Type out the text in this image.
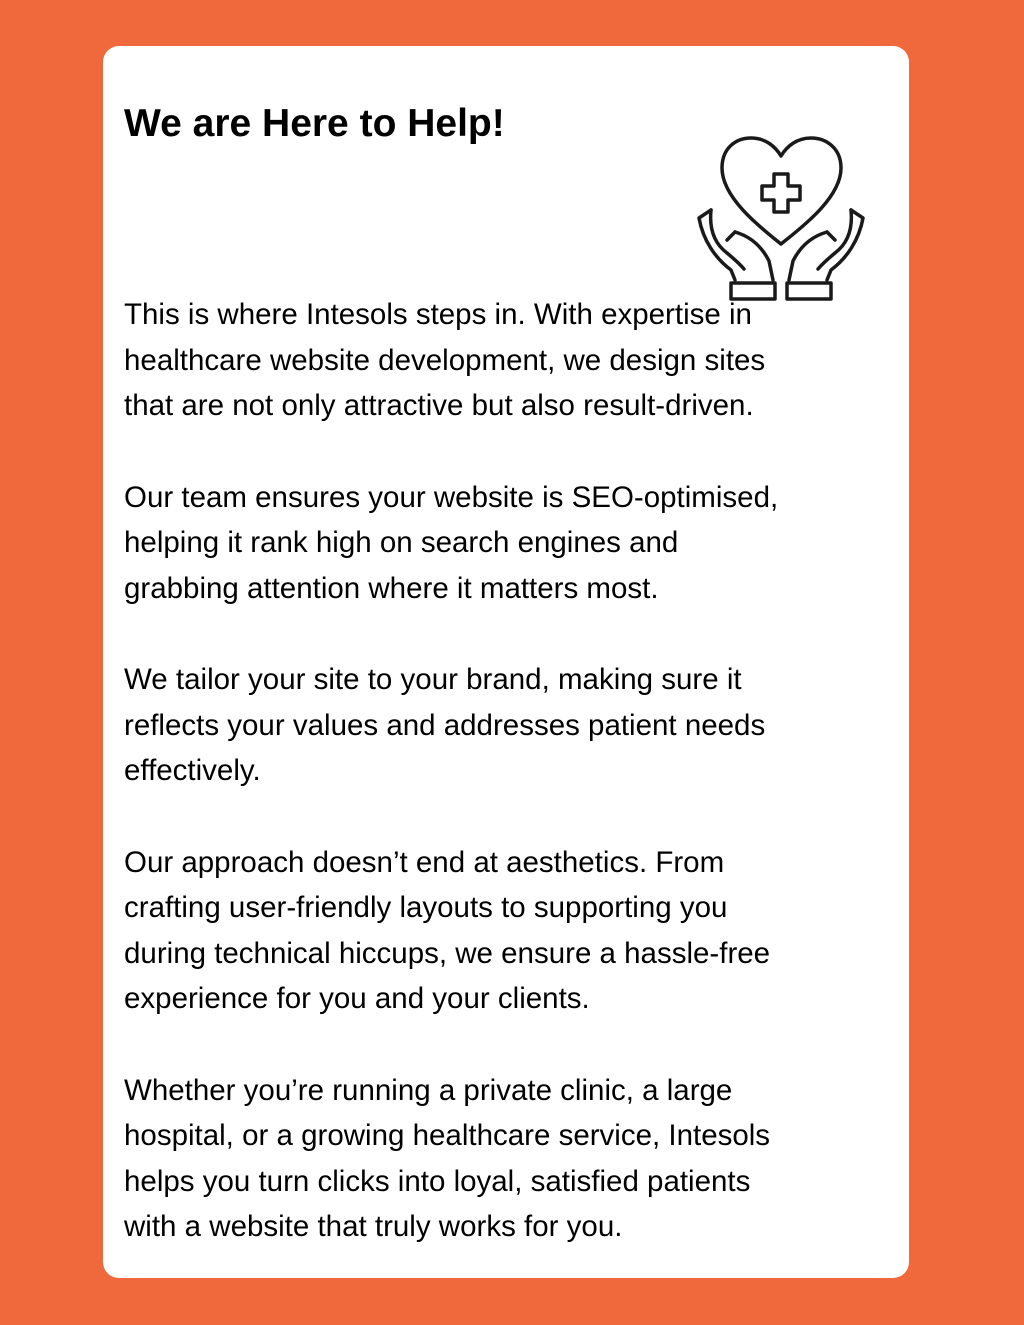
We are Here to Help!

This is where Intesols steps in. With expertise in
healthcare website development, we design sites
that are not only attractive but also result-driven.

Our team ensures your website is SEO-optimised,
helping it rank high on search engines and
grabbing attention where it matters most.

We tailor your site to your brand, making sure it
reflects your values and addresses patient needs
effectively.

Our approach doesn’t end at aesthetics. From
crafting user-friendly layouts to supporting you
during technical hiccups, we ensure a hassle-free
experience for you and your clients.

Whether you’re running a private clinic, a large
hospital, or a growing healthcare service, Intesols
helps you turn clicks into loyal, satisfied patients
with a website that truly works for you.
